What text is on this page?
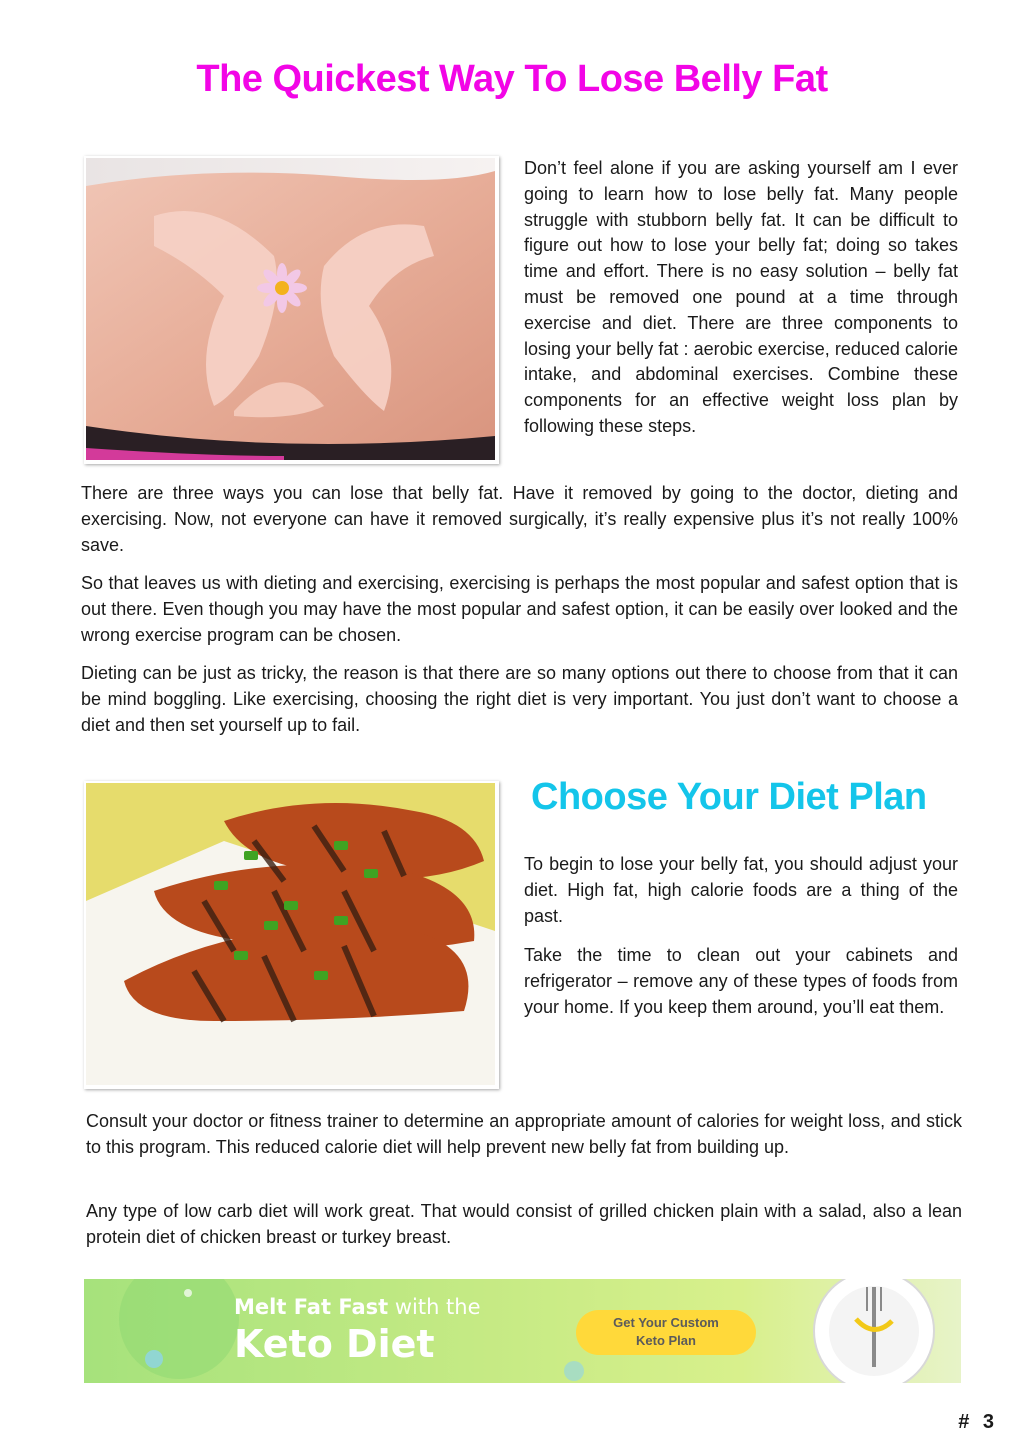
The Quickest Way To Lose Belly Fat

Don’t feel alone if you are asking yourself am I ever going to learn how to lose belly fat. Many people struggle with stubborn belly fat. It can be difficult to figure out how to lose your belly fat; doing so takes time and effort. There is no easy solution – belly fat must be removed one pound at a time through exercise and diet. There are three components to losing your belly fat : aerobic exercise, reduced calorie intake, and abdominal exercises. Combine these components for an effective weight loss plan by following these steps.

There are three ways you can lose that belly fat. Have it removed by going to the doctor, dieting and exercising. Now, not everyone can have it removed surgically, it’s really expensive plus it’s not really 100% save.

So that leaves us with dieting and exercising, exercising is perhaps the most popular and safest option that is out there. Even though you may have the most popular and safest option, it can be easily over looked and the wrong exercise program can be chosen.

Dieting can be just as tricky, the reason is that there are so many options out there to choose from that it can be mind boggling. Like exercising, choosing the right diet is very important. You just don’t want to choose a diet and then set yourself up to fail.

Choose Your Diet Plan

To begin to lose your belly fat, you should adjust your diet. High fat, high calorie foods are a thing of the past.

Take the time to clean out your cabinets and refrigerator – remove any of these types of foods from your home. If you keep them around, you’ll eat them.

Consult your doctor or fitness trainer to determine an appropriate amount of calories for weight loss, and stick to this program. This reduced calorie diet will help prevent new belly fat from building up.

Any type of low carb diet will work great. That would consist of grilled chicken plain with a salad, also a lean protein diet of chicken breast or turkey breast.

Melt Fat Fast with the
Keto Diet	Get Your Custom
Keto Plan
# 3
